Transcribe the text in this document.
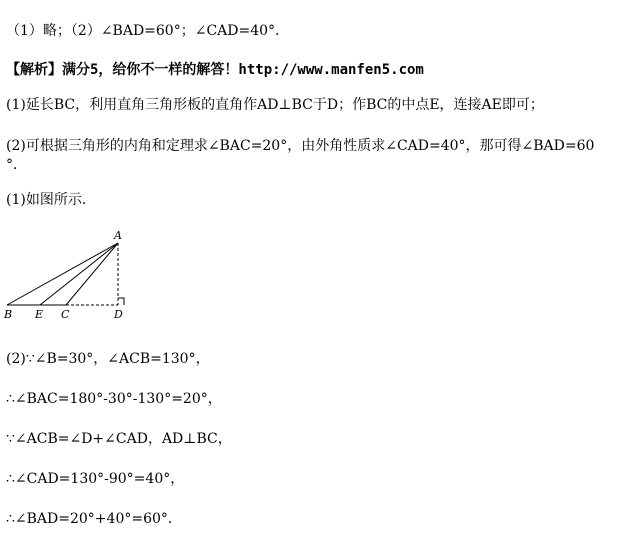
（1）略；（2）∠BAD=60°；∠CAD=40°．
【解析】满分5，给你不一样的解答！http://www.manfen5.com
(1)延长BC，利用直角三角形板的直角作AD⊥BC于D；作BC的中点E，连接AE即可；
(2)可根据三角形的内角和定理求∠BAC=20°，由外角性质求∠CAD=40°，那可得∠BAD=60
°．
(1)如图所示．
A
B E C	D
(2)∵∠B=30°，∠ACB=130°，
∴∠BAC=180°-30°-130°=20°，
∵∠ACB=∠D+∠CAD，AD⊥BC，
∴∠CAD=130°-90°=40°，
∴∠BAD=20°+40°=60°．
